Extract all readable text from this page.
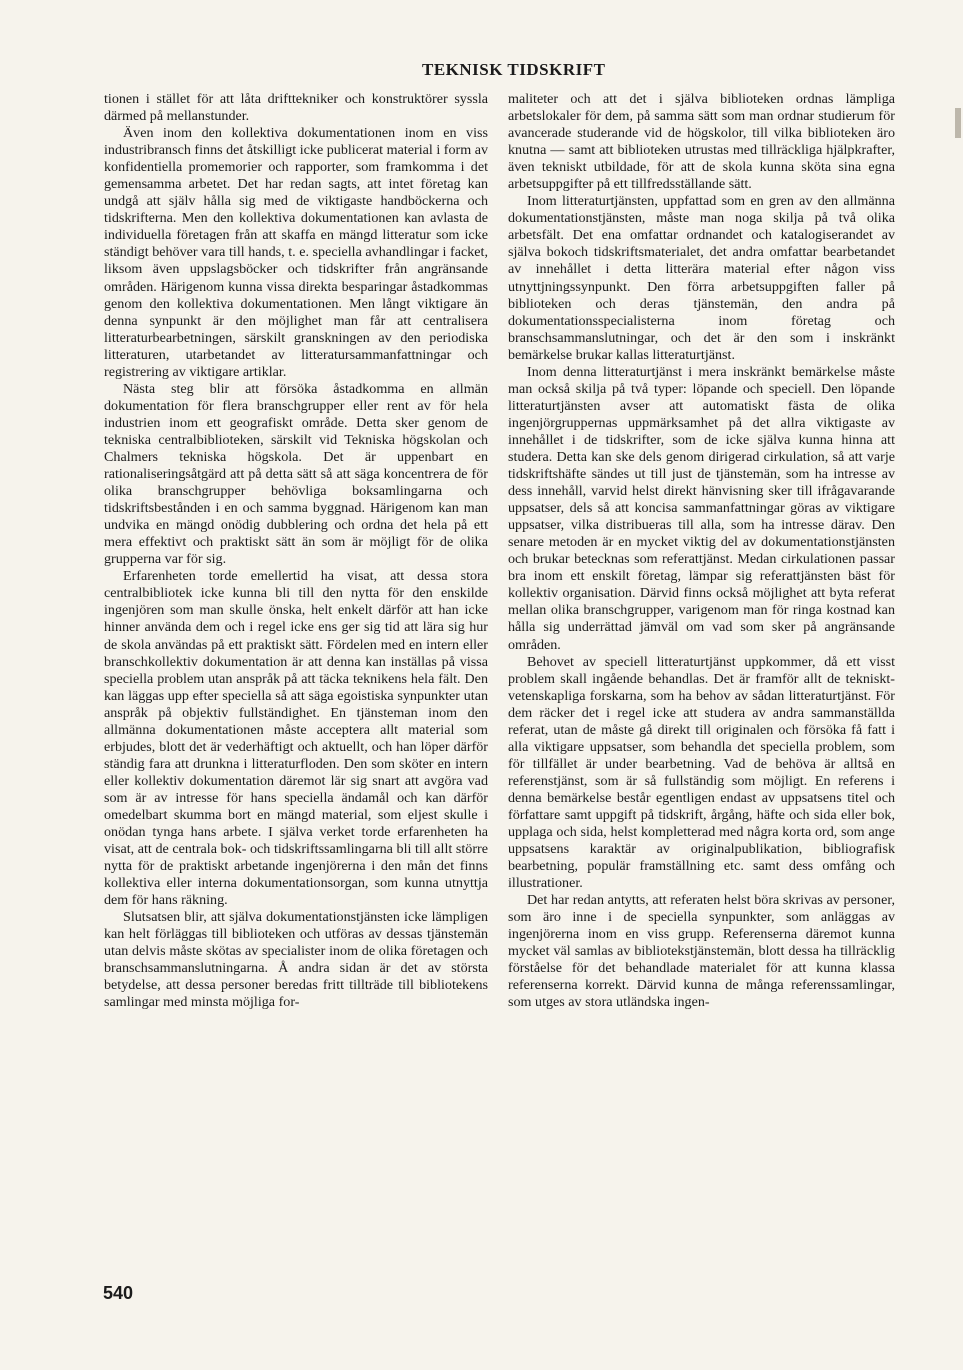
TEKNISK TIDSKRIFT

tionen i stället för att låta drifttekniker och konstruktörer syssla därmed på mellanstunder.

Även inom den kollektiva dokumentationen inom en viss industribransch finns det åtskilligt icke publicerat material i form av konfidentiella promemorier och rapporter, som framkomma i det gemensamma arbetet. Det har redan sagts, att intet företag kan undgå att själv hålla sig med de viktigaste handböckerna och tidskrifterna. Men den kollektiva dokumentationen kan avlasta de individuella företagen från att skaffa en mängd litteratur som icke ständigt behöver vara till hands, t. e. speciella avhandlingar i facket, liksom även uppslagsböcker och tidskrifter från angränsande områden. Härigenom kunna vissa direkta besparingar åstadkommas genom den kollektiva dokumentationen. Men långt viktigare än denna synpunkt är den möjlighet man får att centralisera litteraturbearbetningen, särskilt granskningen av den periodiska litteraturen, utarbetandet av litteratursammanfattningar och registrering av viktigare artiklar.

Nästa steg blir att försöka åstadkomma en allmän dokumentation för flera branschgrupper eller rent av för hela industrien inom ett geografiskt område. Detta sker genom de tekniska centralbiblioteken, särskilt vid Tekniska högskolan och Chalmers tekniska högskola. Det är uppenbart en rationaliseringsåtgärd att på detta sätt så att säga koncentrera de för olika branschgrupper behövliga boksamlingarna och tidskriftsbestånden i en och samma byggnad. Härigenom kan man undvika en mängd onödig dubblering och ordna det hela på ett mera effektivt och praktiskt sätt än som är möjligt för de olika grupperna var för sig.

Erfarenheten torde emellertid ha visat, att dessa stora centralbibliotek icke kunna bli till den nytta för den enskilde ingenjören som man skulle önska, helt enkelt därför att han icke hinner använda dem och i regel icke ens ger sig tid att lära sig hur de skola användas på ett praktiskt sätt. Fördelen med en intern eller branschkollektiv dokumentation är att denna kan inställas på vissa speciella problem utan anspråk på att täcka teknikens hela fält. Den kan läggas upp efter speciella så att säga egoistiska synpunkter utan anspråk på objektiv fullständighet. En tjänsteman inom den allmänna dokumentationen måste acceptera allt material som erbjudes, blott det är vederhäftigt och aktuellt, och han löper därför ständig fara att drunkna i litteraturfloden. Den som sköter en intern eller kollektiv dokumentation däremot lär sig snart att avgöra vad som är av intresse för hans speciella ändamål och kan därför omedelbart skumma bort en mängd material, som eljest skulle i onödan tynga hans arbete. I själva verket torde erfarenheten ha visat, att de centrala bok- och tidskriftssamlingarna bli till allt större nytta för de praktiskt arbetande ingenjörerna i den mån det finns kollektiva eller interna dokumentationsorgan, som kunna utnyttja dem för hans räkning.

Slutsatsen blir, att själva dokumentationstjänsten icke lämpligen kan helt förläggas till biblioteken och utföras av dessas tjänstemän utan delvis måste skötas av specialister inom de olika företagen och branschsammanslutningarna. Å andra sidan är det av största betydelse, att dessa personer beredas fritt tillträde till bibliotekens samlingar med minsta möjliga for-

maliteter och att det i själva biblioteken ordnas lämpliga arbetslokaler för dem, på samma sätt som man ordnar studierum för avancerade studerande vid de högskolor, till vilka biblioteken äro knutna — samt att biblioteken utrustas med tillräckliga hjälpkrafter, även tekniskt utbildade, för att de skola kunna sköta sina egna arbetsuppgifter på ett tillfredsställande sätt.

Inom litteraturtjänsten, uppfattad som en gren av den allmänna dokumentationstjänsten, måste man noga skilja på två olika arbetsfält. Det ena omfattar ordnandet och katalogiserandet av själva bokoch tidskriftsmaterialet, det andra omfattar bearbetandet av innehållet i detta litterära material efter någon viss utnyttjningssynpunkt. Den förra arbetsuppgiften faller på biblioteken och deras tjänstemän, den andra på dokumentationsspecialisterna inom företag och branschsammanslutningar, och det är den som i inskränkt bemärkelse brukar kallas litteraturtjänst.

Inom denna litteraturtjänst i mera inskränkt bemärkelse måste man också skilja på två typer: löpande och speciell. Den löpande litteraturtjänsten avser att automatiskt fästa de olika ingenjörgruppernas uppmärksamhet på det allra viktigaste av innehållet i de tidskrifter, som de icke själva kunna hinna att studera. Detta kan ske dels genom dirigerad cirkulation, så att varje tidskriftshäfte sändes ut till just de tjänstemän, som ha intresse av dess innehåll, varvid helst direkt hänvisning sker till ifrågavarande uppsatser, dels så att koncisa sammanfattningar göras av viktigare uppsatser, vilka distribueras till alla, som ha intresse därav. Den senare metoden är en mycket viktig del av dokumentationstjänsten och brukar betecknas som referattjänst. Medan cirkulationen passar bra inom ett enskilt företag, lämpar sig referattjänsten bäst för kollektiv organisation. Därvid finns också möjlighet att byta referat mellan olika branschgrupper, varigenom man för ringa kostnad kan hålla sig underrättad jämväl om vad som sker på angränsande områden.

Behovet av speciell litteraturtjänst uppkommer, då ett visst problem skall ingående behandlas. Det är framför allt de tekniskt-vetenskapliga forskarna, som ha behov av sådan litteraturtjänst. För dem räcker det i regel icke att studera av andra sammanställda referat, utan de måste gå direkt till originalen och försöka få fatt i alla viktigare uppsatser, som behandla det speciella problem, som för tillfället är under bearbetning. Vad de behöva är alltså en referenstjänst, som är så fullständig som möjligt. En referens i denna bemärkelse består egentligen endast av uppsatsens titel och författare samt uppgift på tidskrift, årgång, häfte och sida eller bok, upplaga och sida, helst kompletterad med några korta ord, som ange uppsatsens karaktär av originalpublikation, bibliografisk bearbetning, populär framställning etc. samt dess omfång och illustrationer.

Det har redan antytts, att referaten helst böra skrivas av personer, som äro inne i de speciella synpunkter, som anläggas av ingenjörerna inom en viss grupp. Referenserna däremot kunna mycket väl samlas av bibliotekstjänstemän, blott dessa ha tillräcklig förståelse för det behandlade materialet för att kunna klassa referenserna korrekt. Därvid kunna de många referenssamlingar, som utges av stora utländska ingen-

540
